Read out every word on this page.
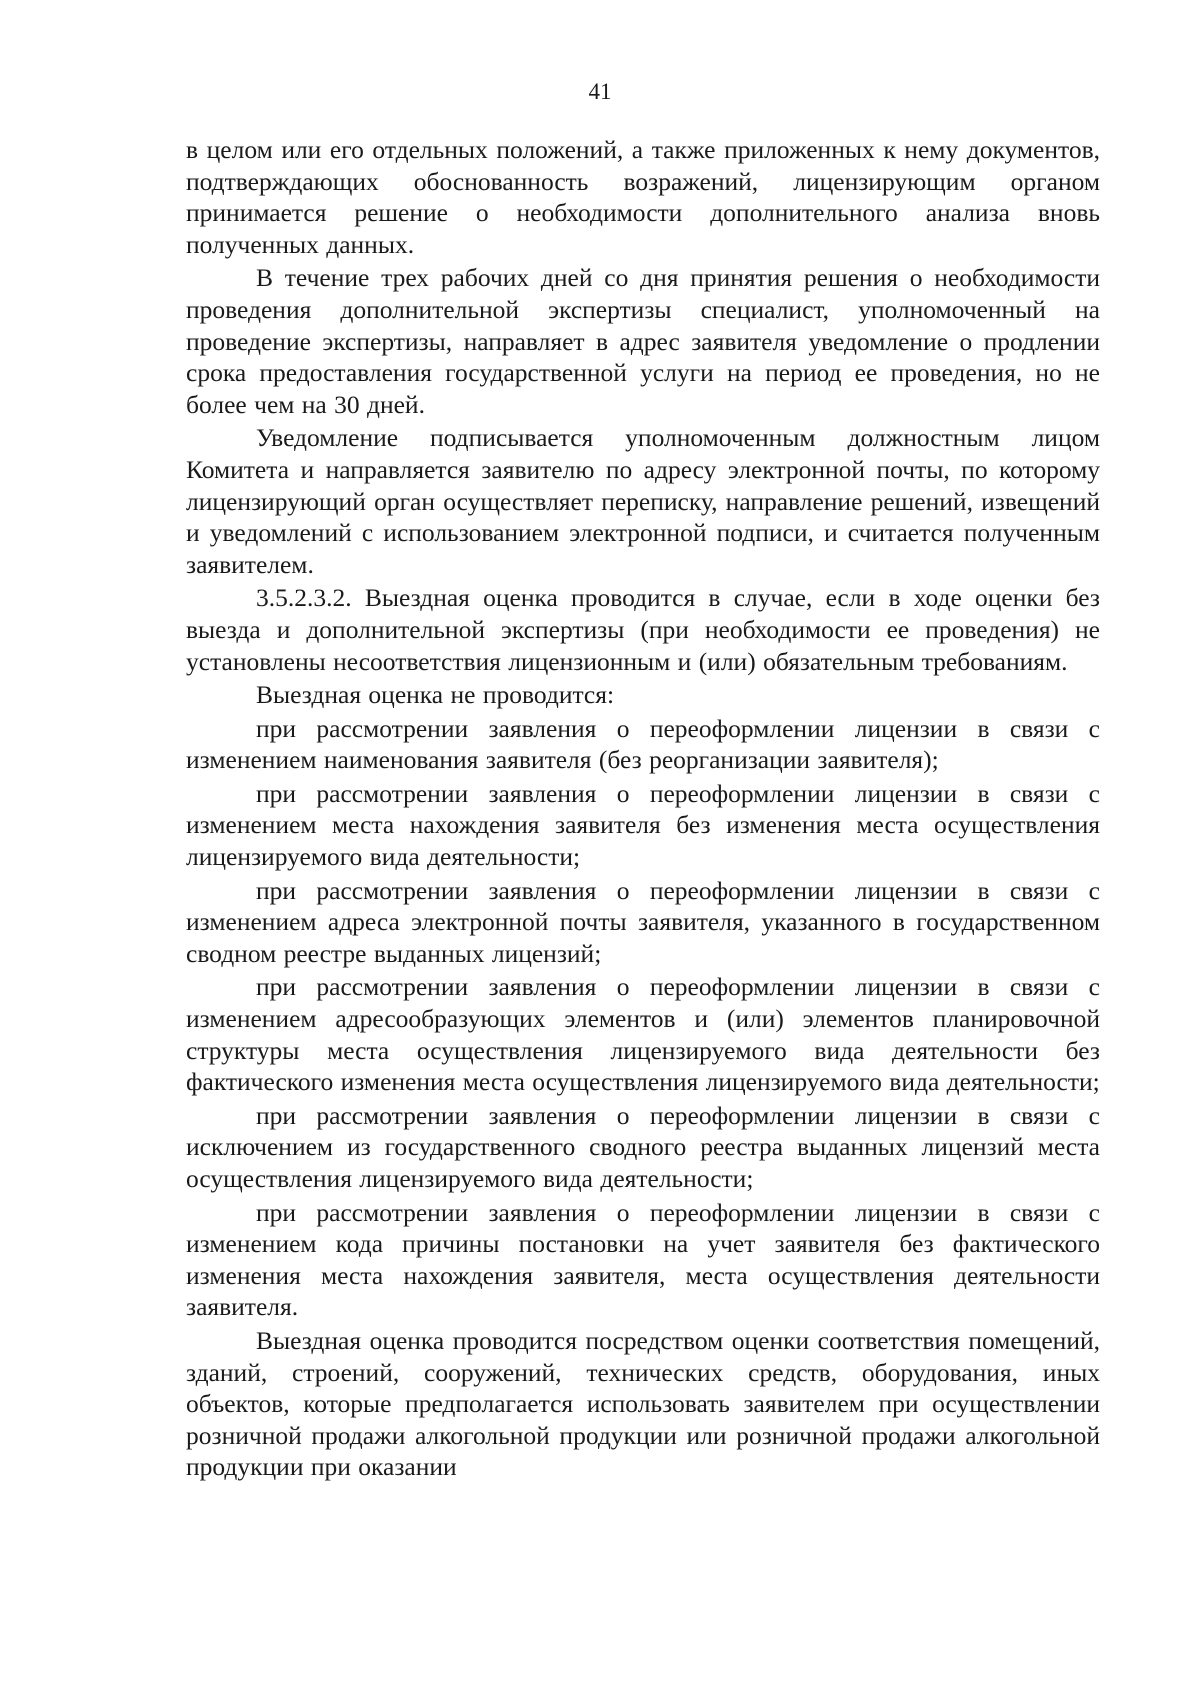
41

в целом или его отдельных положений, а также приложенных к нему документов, подтверждающих обоснованность возражений, лицензирующим органом принимается решение о необходимости дополнительного анализа вновь полученных данных.

В течение трех рабочих дней со дня принятия решения о необходимости проведения дополнительной экспертизы специалист, уполномоченный на проведение экспертизы, направляет в адрес заявителя уведомление о продлении срока предоставления государственной услуги на период ее проведения, но не более чем на 30 дней.

Уведомление подписывается уполномоченным должностным лицом Комитета и направляется заявителю по адресу электронной почты, по которому лицензирующий орган осуществляет переписку, направление решений, извещений и уведомлений с использованием электронной подписи, и считается полученным заявителем.

3.5.2.3.2. Выездная оценка проводится в случае, если в ходе оценки без выезда и дополнительной экспертизы (при необходимости ее проведения) не установлены несоответствия лицензионным и (или) обязательным требованиям.

Выездная оценка не проводится:

при рассмотрении заявления о переоформлении лицензии в связи с изменением наименования заявителя (без реорганизации заявителя);

при рассмотрении заявления о переоформлении лицензии в связи с изменением места нахождения заявителя без изменения места осуществления лицензируемого вида деятельности;

при рассмотрении заявления о переоформлении лицензии в связи с изменением адреса электронной почты заявителя, указанного в государственном сводном реестре выданных лицензий;

при рассмотрении заявления о переоформлении лицензии в связи с изменением адресообразующих элементов и (или) элементов планировочной структуры места осуществления лицензируемого вида деятельности без фактического изменения места осуществления лицензируемого вида деятельности;

при рассмотрении заявления о переоформлении лицензии в связи с исключением из государственного сводного реестра выданных лицензий места осуществления лицензируемого вида деятельности;

при рассмотрении заявления о переоформлении лицензии в связи с изменением кода причины постановки на учет заявителя без фактического изменения места нахождения заявителя, места осуществления деятельности заявителя.

Выездная оценка проводится посредством оценки соответствия помещений, зданий, строений, сооружений, технических средств, оборудования, иных объектов, которые предполагается использовать заявителем при осуществлении розничной продажи алкогольной продукции или розничной продажи алкогольной продукции при оказании
